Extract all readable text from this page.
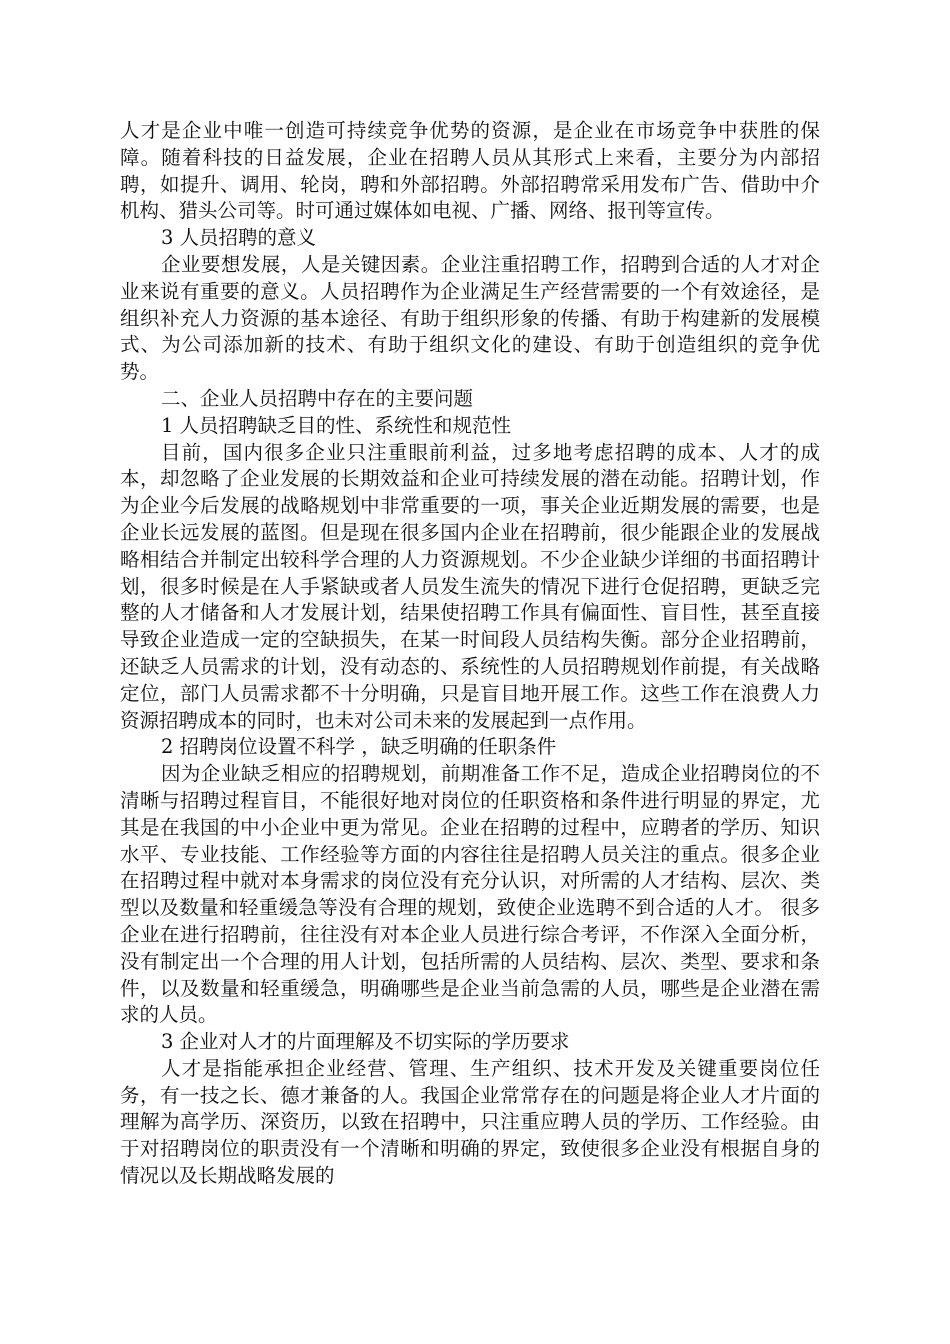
人才是企业中唯一创造可持续竞争优势的资源，是企业在市场竞争中获胜的保障。随着科技的日益发展，企业在招聘人员从其形式上来看，主要分为内部招聘，如提升、调用、轮岗，聘和外部招聘。外部招聘常采用发布广告、借助中介机构、猎头公司等。时可通过媒体如电视、广播、网络、报刊等宣传。

3 人员招聘的意义

企业要想发展，人是关键因素。企业注重招聘工作，招聘到合适的人才对企业来说有重要的意义。人员招聘作为企业满足生产经营需要的一个有效途径，是组织补充人力资源的基本途径、有助于组织形象的传播、有助于构建新的发展模式、为公司添加新的技术、有助于组织文化的建设、有助于创造组织的竞争优势。

二、企业人员招聘中存在的主要问题

1 人员招聘缺乏目的性、系统性和规范性

目前，国内很多企业只注重眼前利益，过多地考虑招聘的成本、人才的成本，却忽略了企业发展的长期效益和企业可持续发展的潜在动能。招聘计划，作为企业今后发展的战略规划中非常重要的一项，事关企业近期发展的需要，也是企业长远发展的蓝图。但是现在很多国内企业在招聘前，很少能跟企业的发展战略相结合并制定出较科学合理的人力资源规划。不少企业缺少详细的书面招聘计划，很多时候是在人手紧缺或者人员发生流失的情况下进行仓促招聘，更缺乏完整的人才储备和人才发展计划，结果使招聘工作具有偏面性、盲目性，甚至直接导致企业造成一定的空缺损失，在某一时间段人员结构失衡。部分企业招聘前，还缺乏人员需求的计划，没有动态的、系统性的人员招聘规划作前提，有关战略定位，部门人员需求都不十分明确，只是盲目地开展工作。这些工作在浪费人力资源招聘成本的同时，也未对公司未来的发展起到一点作用。

2 招聘岗位设置不科学 ，缺乏明确的任职条件

因为企业缺乏相应的招聘规划，前期准备工作不足，造成企业招聘岗位的不清晰与招聘过程盲目，不能很好地对岗位的任职资格和条件进行明显的界定，尤其是在我国的中小企业中更为常见。企业在招聘的过程中，应聘者的学历、知识水平、专业技能、工作经验等方面的内容往往是招聘人员关注的重点。很多企业在招聘过程中就对本身需求的岗位没有充分认识，对所需的人才结构、层次、类型以及数量和轻重缓急等没有合理的规划，致使企业选聘不到合适的人才。 很多企业在进行招聘前，往往没有对本企业人员进行综合考评，不作深入全面分析，没有制定出一个合理的用人计划，包括所需的人员结构、层次、类型、要求和条件，以及数量和轻重缓急，明确哪些是企业当前急需的人员，哪些是企业潜在需求的人员。

3 企业对人才的片面理解及不切实际的学历要求

人才是指能承担企业经营、管理、生产组织、技术开发及关键重要岗位任务，有一技之长、德才兼备的人。我国企业常常存在的问题是将企业人才片面的理解为高学历、深资历，以致在招聘中，只注重应聘人员的学历、工作经验。由于对招聘岗位的职责没有一个清晰和明确的界定，致使很多企业没有根据自身的情况以及长期战略发展的
